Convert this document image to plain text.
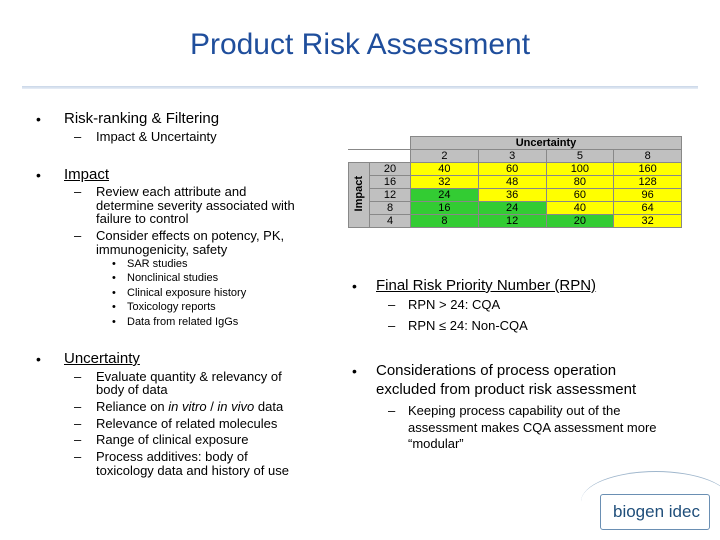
Product Risk Assessment
• Risk-ranking & Filtering
– Impact & Uncertainty
• Impact
– Review each attribute and
determine severity associated with
failure to control
– Consider effects on potency, PK,
immunogenicity, safety
• SAR studies
• Nonclinical studies
• Clinical exposure history
• Toxicology reports
• Data from related IgGs
• Uncertainty
– Evaluate quantity & relevancy of
body of data
– Reliance on in vitro / in vivo data
– Relevance of related molecules
– Range of clinical exposure
– Process additives: body of
toxicology data and history of use
		Uncertainty			
		2	3	5	8
Impact	20	40	60	100	160
	16	32	48	80	128
	12	24	36	60	96
	8	16	24	40	64
	4	8	12	20	32
• Final Risk Priority Number (RPN)
– RPN > 24: CQA
– RPN ≤ 24: Non-CQA
• Considerations of process operation
excluded from product risk assessment
– Keeping process capability out of the
assessment makes CQA assessment more
“modular”
biogen idec
